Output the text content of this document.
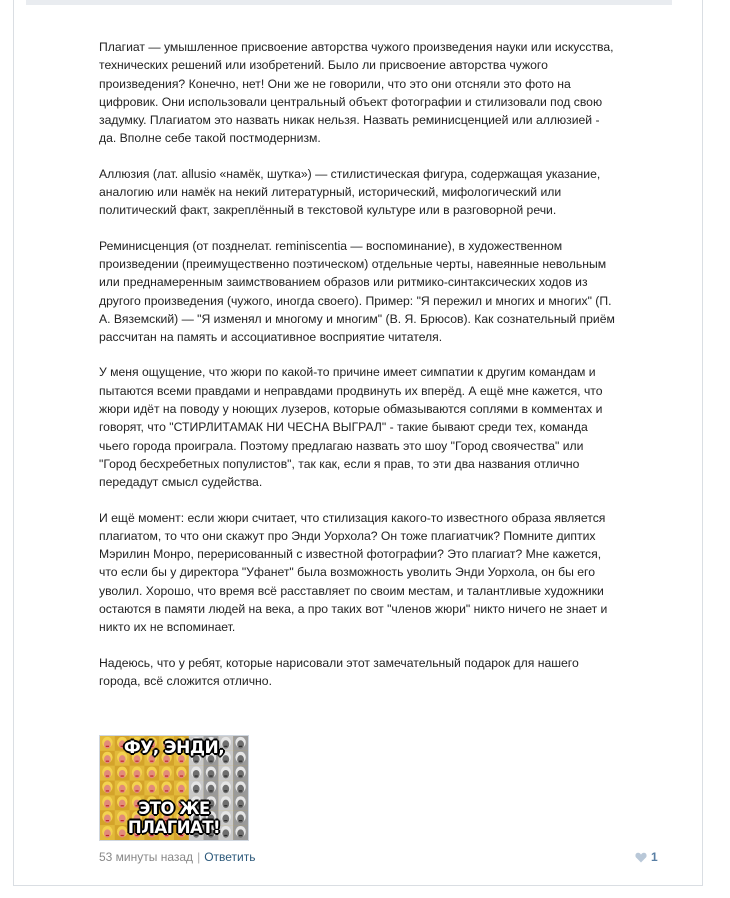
Плагиат — умышленное присвоение авторства чужого произведения науки или искусства, технических решений или изобретений. Было ли присвоение авторства чужого произведения? Конечно, нет! Они же не говорили, что это они отсняли это фото на цифровик. Они использовали центральный объект фотографии и стилизовали под свою задумку. Плагиатом это назвать никак нельзя. Назвать реминисценцией или аллюзией - да. Вполне себе такой постмодернизм.

Аллюзия (лат. allusio «намёк, шутка») — стилистическая фигура, содержащая указание, аналогию или намёк на некий литературный, исторический, мифологический или политический факт, закреплённый в текстовой культуре или в разговорной речи.

Реминисценция (от позднелат. reminiscentia — воспоминание), в художественном произведении (преимущественно поэтическом) отдельные черты, навеянные невольным или преднамеренным заимствованием образов или ритмико-синтаксических ходов из другого произведения (чужого, иногда своего). Пример: "Я пережил и многих и многих" (П. А. Вяземский) — "Я изменял и многому и многим" (В. Я. Брюсов). Как сознательный приём рассчитан на память и ассоциативное восприятие читателя.

У меня ощущение, что жюри по какой-то причине имеет симпатии к другим командам и пытаются всеми правдами и неправдами продвинуть их вперёд. А ещё мне кажется, что жюри идёт на поводу у ноющих лузеров, которые обмазываются соплями в комментах и говорят, что "СТИРЛИТАМАК НИ ЧЕСНА ВЫГРАЛ" - такие бывают среди тех, команда чьего города проиграла. Поэтому предлагаю назвать это шоу "Город своячества" или "Город бесхребетных популистов", так как, если я прав, то эти два названия отлично передадут смысл судейства.

И ещё момент: если жюри считает, что стилизация какого-то известного образа является плагиатом, то что они скажут про Энди Уорхола? Он тоже плагиатчик? Помните диптих Мэрилин Монро, перерисованный с известной фотографии? Это плагиат? Мне кажется, что если бы у директора "Уфанет" была возможность уволить Энди Уорхола, он бы его уволил. Хорошо, что время всё расставляет по своим местам, и талантливые художники остаются в памяти людей на века, а про таких вот "членов жюри" никто ничего не знает и никто их не вспоминает.

Надеюсь, что у ребят, которые нарисовали этот замечательный подарок для нашего города, всё сложится отлично.

ФУ, ЭНДИ,
ЭТО ЖЕ ПЛАГИАТ!
53 минуты назад | Ответить	1
